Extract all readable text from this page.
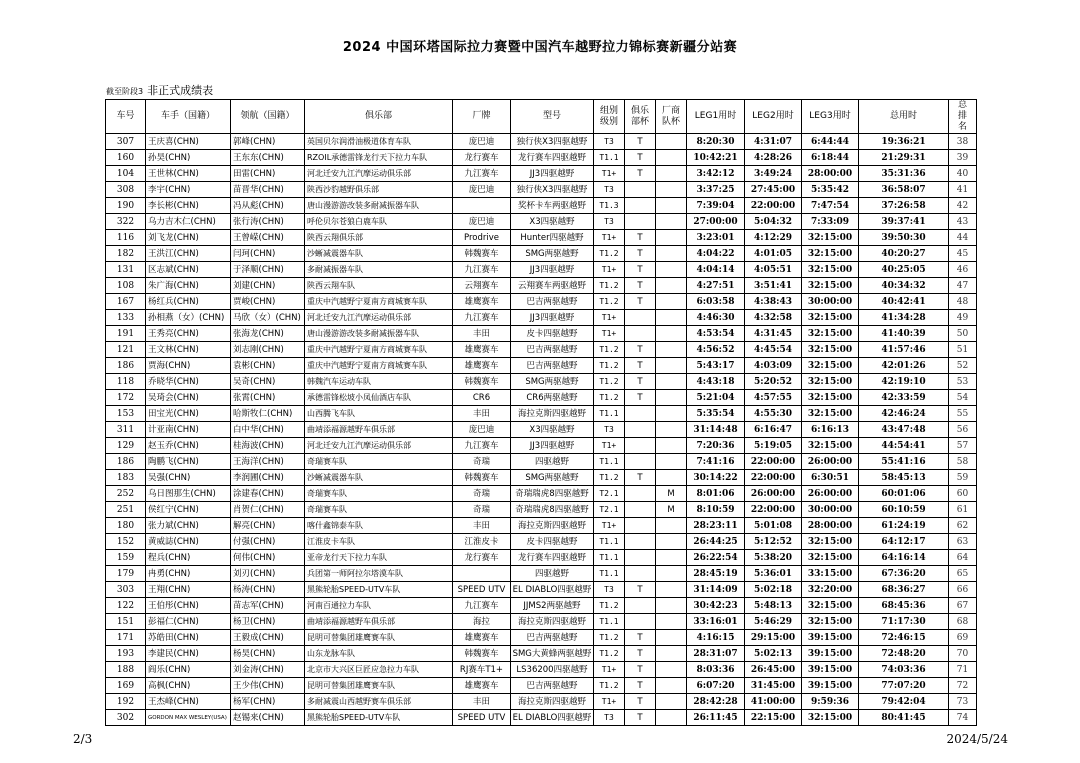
2024 中国环塔国际拉力赛暨中国汽车越野拉力锦标赛新疆分站赛
截至阶段3 非正式成绩表
车号	车手（国籍）	领航（国籍）	俱乐部	厂牌	型号	组别级别	俱乐部杯	厂商队杯	LEG1用时	LEG2用时	LEG3用时	总用时	总排名
307	王庆喜(CHN)	郭峰(CHN)	英国贝尔润滑油极道体育车队	庞巴迪	独行侠X3四驱越野	T3	T		8:20:30	4:31:07	6:44:44	19:36:21	38
160	孙昊(CHN)	王东东(CHN)	RZOIL承德雷锋龙行天下拉力车队	龙行赛车	龙行赛车四驱越野	T1.1	T		10:42:21	4:28:26	6:18:44	21:29:31	39
104	王世林(CHN)	田雷(CHN)	河北迁安九江汽摩运动俱乐部	九江赛车	JJ3四驱越野	T1+	T		3:42:12	3:49:24	28:00:00	35:31:36	40
308	李宇(CHN)	苗晋华(CHN)	陕西沙豹越野俱乐部	庞巴迪	独行侠X3四驱越野	T3			3:37:25	27:45:00	5:35:42	36:58:07	41
190	李长彬(CHN)	冯从彪(CHN)	唐山漫游游改装多耐减振器车队		奖杯卡车两驱越野	T1.3			7:39:04	22:00:00	7:47:54	37:26:58	42
322	乌力吉木仁(CHN)	张行涛(CHN)	呼伦贝尔苍狼白鹿车队	庞巴迪	X3四驱越野	T3			27:00:00	5:04:32	7:33:09	39:37:41	43
116	刘飞龙(CHN)	王曾嵘(CHN)	陕西云翔俱乐部	Prodrive	Hunter四驱越野	T1+	T		3:23:01	4:12:29	32:15:00	39:50:30	44
182	王洪江(CHN)	闫珂(CHN)	沙蜥减震器车队	韩魏赛车	SMG两驱越野	T1.2	T		4:04:22	4:01:05	32:15:00	40:20:27	45
131	区志斌(CHN)	于泽顺(CHN)	多耐减振器车队	九江赛车	JJ3四驱越野	T1+	T		4:04:14	4:05:51	32:15:00	40:25:05	46
108	朱广海(CHN)	刘建(CHN)	陕西云翔车队	云翔赛车	云翔赛车两驱越野	T1.2	T		4:27:51	3:51:41	32:15:00	40:34:32	47
167	杨红兵(CHN)	贾峻(CHN)	重庆中汽越野宁夏南方商城赛车队	雄鹰赛车	巴吉两驱越野	T1.2	T		6:03:58	4:38:43	30:00:00	40:42:41	48
133	孙相燕（女）(CHN)	马欣（女）(CHN)	河北迁安九江汽摩运动俱乐部	九江赛车	JJ3四驱越野	T1+			4:46:30	4:32:58	32:15:00	41:34:28	49
191	王秀亮(CHN)	张海龙(CHN)	唐山漫游游改装多耐减振器车队	丰田	皮卡四驱越野	T1+			4:53:54	4:31:45	32:15:00	41:40:39	50
121	王文林(CHN)	刘志刚(CHN)	重庆中汽越野宁夏南方商城赛车队	雄鹰赛车	巴吉两驱越野	T1.2	T		4:56:52	4:45:54	32:15:00	41:57:46	51
186	贾海(CHN)	袁彬(CHN)	重庆中汽越野宁夏南方商城赛车队	雄鹰赛车	巴吉两驱越野	T1.2	T		5:43:17	4:03:09	32:15:00	42:01:26	52
118	乔晓华(CHN)	吴奇(CHN)	韩魏汽车运动车队	韩魏赛车	SMG两驱越野	T1.2	T		4:43:18	5:20:52	32:15:00	42:19:10	53
172	吴琦会(CHN)	张霄(CHN)	承德雷锋松坡小凤仙酒店车队	CR6	CR6两驱越野	T1.2	T		5:21:04	4:57:55	32:15:00	42:33:59	54
153	田宝光(CHN)	哈斯牧仁(CHN)	山西腾飞车队	丰田	海拉克斯四驱越野	T1.1			5:35:54	4:55:30	32:15:00	42:46:24	55
311	计亚南(CHN)	白中华(CHN)	曲靖添福源越野车俱乐部	庞巴迪	X3四驱越野	T3			31:14:48	6:16:47	6:16:13	43:47:48	56
129	赵玉乔(CHN)	桂海波(CHN)	河北迁安九江汽摩运动俱乐部	九江赛车	JJ3四驱越野	T1+			7:20:36	5:19:05	32:15:00	44:54:41	57
186	陶鹏飞(CHN)	王海洋(CHN)	奇瑞赛车队	奇瑞	四驱越野	T1.1			7:41:16	22:00:00	26:00:00	55:41:16	58
183	吴强(CHN)	李润圃(CHN)	沙蜥减震器车队	韩魏赛车	SMG两驱越野	T1.2	T		30:14:22	22:00:00	6:30:51	58:45:13	59
252	乌日图那生(CHN)	涂建春(CHN)	奇瑞赛车队	奇瑞	奇瑞瑞虎8四驱越野	T2.1		M	8:01:06	26:00:00	26:00:00	60:01:06	60
251	侯红宁(CHN)	肖贺仁(CHN)	奇瑞赛车队	奇瑞	奇瑞瑞虎8四驱越野	T2.1		M	8:10:59	22:00:00	30:00:00	60:10:59	61
180	张力斌(CHN)	解亮(CHN)	喀什鑫锦泰车队	丰田	海拉克斯四驱越野	T1+			28:23:11	5:01:08	28:00:00	61:24:19	62
152	黄威誌(CHN)	付强(CHN)	江淮皮卡车队	江淮皮卡	皮卡四驱越野	T1.1			26:44:25	5:12:52	32:15:00	64:12:17	63
159	程兵(CHN)	何伟(CHN)	亚帝龙行天下拉力车队	龙行赛车	龙行赛车四驱越野	T1.1			26:22:54	5:38:20	32:15:00	64:16:14	64
179	冉勇(CHN)	刘刃(CHN)	兵团第一师阿拉尔塔漠车队		四驱越野	T1.1			28:45:19	5:36:01	33:15:00	67:36:20	65
303	王翔(CHN)	杨涛(CHN)	黑熊轮胎SPEED-UTV车队	SPEED UTV	EL DIABLO四驱越野	T3	T		31:14:09	5:02:18	32:20:00	68:36:27	66
122	王伯彤(CHN)	苗志军(CHN)	河南百通拉力车队	九江赛车	JJMS2两驱越野	T1.2			30:42:23	5:48:13	32:15:00	68:45:36	67
151	彭福仁(CHN)	杨卫(CHN)	曲靖添福源越野车俱乐部	海拉	海拉克斯四驱越野	T1.1			33:16:01	5:46:29	32:15:00	71:17:30	68
171	苏皓田(CHN)	王毅成(CHN)	昆明可替集团雄鹰赛车队	雄鹰赛车	巴吉两驱越野	T1.2	T		4:16:15	29:15:00	39:15:00	72:46:15	69
193	李建民(CHN)	杨昊(CHN)	山东龙脉车队	韩魏赛车	SMG大黄蜂两驱越野	T1.2	T		28:31:07	5:02:13	39:15:00	72:48:20	70
188	阎乐(CHN)	刘金涛(CHN)	北京市大兴区巨匠应急拉力车队	RJ赛车T1+	LS36200四驱越野	T1+	T		8:03:36	26:45:00	39:15:00	74:03:36	71
169	高枫(CHN)	王少伟(CHN)	昆明可替集团雄鹰赛车队	雄鹰赛车	巴吉两驱越野	T1.2	T		6:07:20	31:45:00	39:15:00	77:07:20	72
192	王杰峰(CHN)	杨军(CHN)	多耐减震山西越野赛车俱乐部	丰田	海拉克斯四驱越野	T1+	T		28:42:28	41:00:00	9:59:36	79:42:04	73
302	GORDON MAX WESLEY(USA)	赵锡来(CHN)	黑熊轮胎SPEED-UTV车队	SPEED UTV	EL DIABLO四驱越野	T3	T		26:11:45	22:15:00	32:15:00	80:41:45	74
2/3	2024/5/24
